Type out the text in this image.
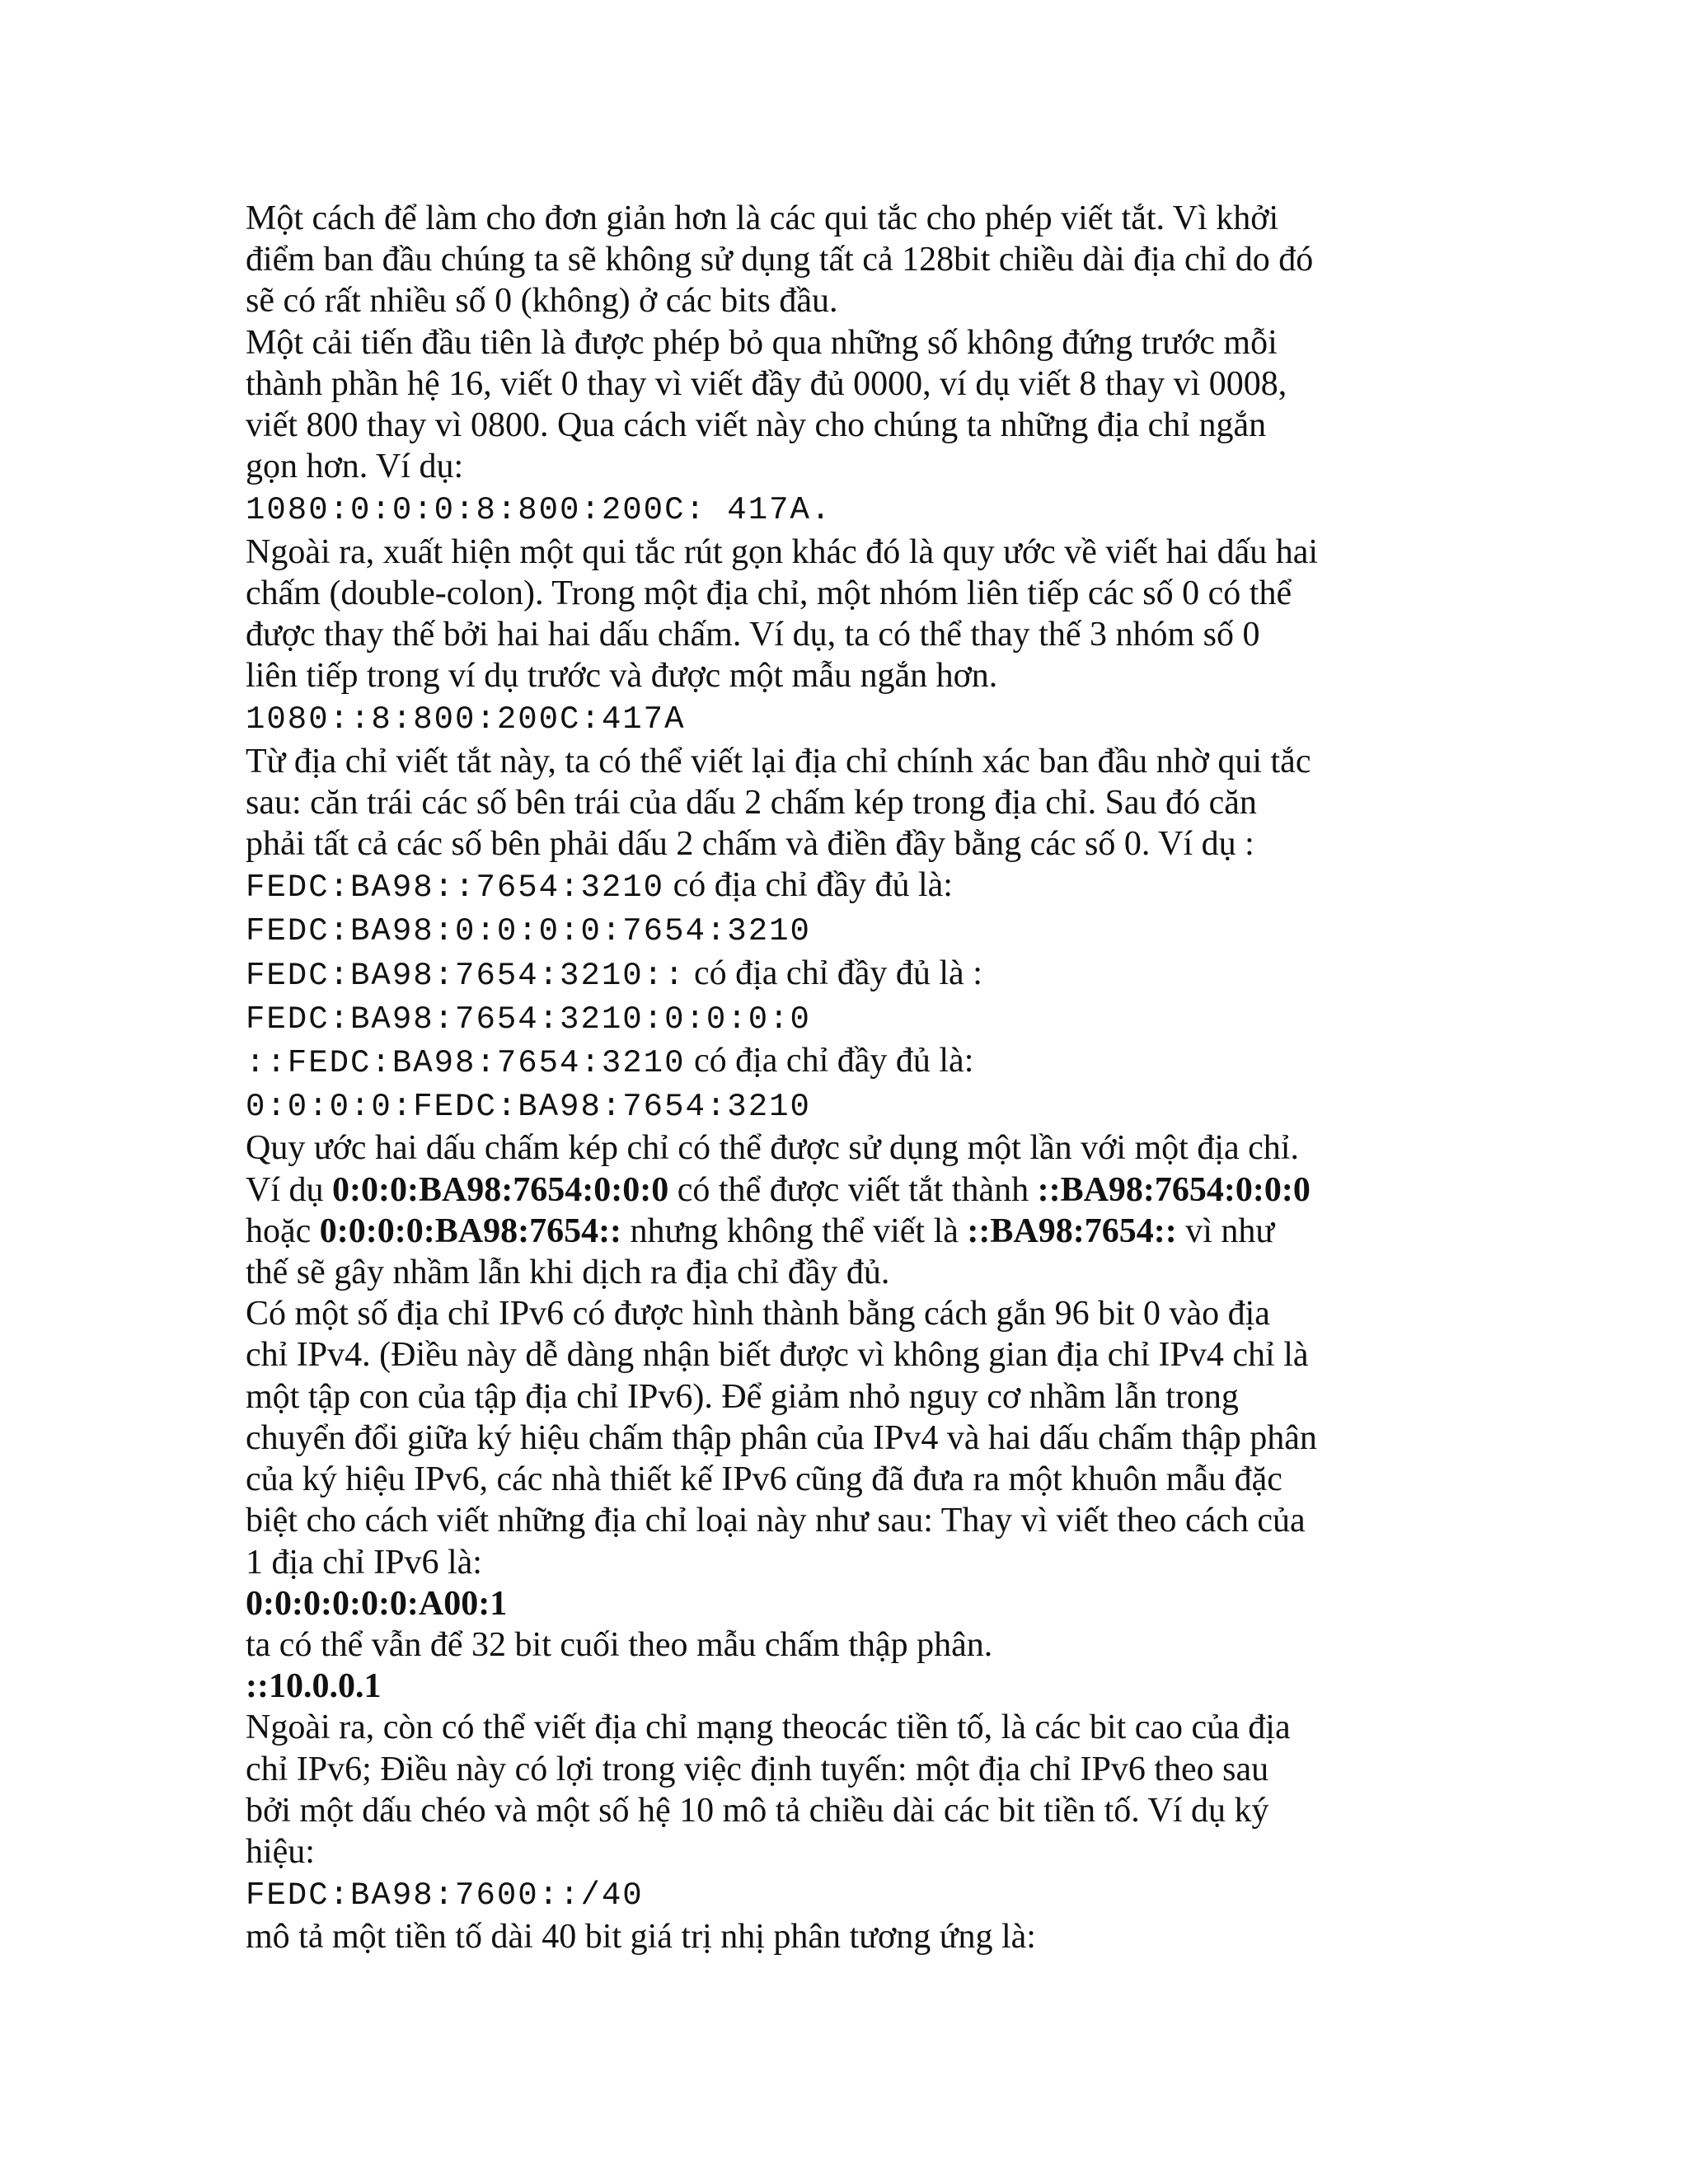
Một cách để làm cho đơn giản hơn là các qui tắc cho phép viết tắt. Vì khởi

điểm ban đầu chúng ta sẽ không sử dụng tất cả 128bit chiều dài địa chỉ do đó

sẽ có rất nhiều số 0 (không) ở các bits đầu.

Một cải tiến đầu tiên là được phép bỏ qua những số không đứng trước mỗi

thành phần hệ 16, viết 0 thay vì viết đầy đủ 0000, ví dụ viết 8 thay vì 0008,

viết 800 thay vì 0800. Qua cách viết này cho chúng ta những địa chỉ ngắn

gọn hơn. Ví dụ:

1080:0:0:0:8:800:200C: 417A.

Ngoài ra, xuất hiện một qui tắc rút gọn khác đó là quy ước về viết hai dấu hai

chấm (double-colon). Trong một địa chỉ, một nhóm liên tiếp các số 0 có thể

được thay thế bởi hai hai dấu chấm. Ví dụ, ta có thể thay thế 3 nhóm số 0

liên tiếp trong ví dụ trước và được một mẫu ngắn hơn.

1080::8:800:200C:417A

Từ địa chỉ viết tắt này, ta có thể viết lại địa chỉ chính xác ban đầu nhờ qui tắc

sau: căn trái các số bên trái của dấu 2 chấm kép trong địa chỉ. Sau đó căn

phải tất cả các số bên phải dấu 2 chấm và điền đầy bằng các số 0. Ví dụ :

FEDC:BA98::7654:3210 có địa chỉ đầy đủ là:

FEDC:BA98:0:0:0:0:7654:3210

FEDC:BA98:7654:3210:: có địa chỉ đầy đủ là :

FEDC:BA98:7654:3210:0:0:0:0

::FEDC:BA98:7654:3210 có địa chỉ đầy đủ là:

0:0:0:0:FEDC:BA98:7654:3210

Quy ước hai dấu chấm kép chỉ có thể được sử dụng một lần với một địa chỉ.

Ví dụ 0:0:0:BA98:7654:0:0:0 có thể được viết tắt thành ::BA98:7654:0:0:0

hoặc 0:0:0:0:BA98:7654:: nhưng không thể viết là ::BA98:7654:: vì như

thế sẽ gây nhầm lẫn khi dịch ra địa chỉ đầy đủ.

Có một số địa chỉ IPv6 có được hình thành bằng cách gắn 96 bit 0 vào địa

chỉ IPv4. (Điều này dễ dàng nhận biết được vì không gian địa chỉ IPv4 chỉ là

một tập con của tập địa chỉ IPv6). Để giảm nhỏ nguy cơ nhầm lẫn trong

chuyển đổi giữa ký hiệu chấm thập phân của IPv4 và hai dấu chấm thập phân

của ký hiệu IPv6, các nhà thiết kế IPv6 cũng đã đưa ra một khuôn mẫu đặc

biệt cho cách viết những địa chỉ loại này như sau: Thay vì viết theo cách của

1 địa chỉ IPv6 là:

0:0:0:0:0:0:A00:1

ta có thể vẫn để 32 bit cuối theo mẫu chấm thập phân.

::10.0.0.1

Ngoài ra, còn có thể viết địa chỉ mạng theocác tiền tố, là các bit cao của địa

chỉ IPv6; Điều này có lợi trong việc định tuyến: một địa chỉ IPv6 theo sau

bởi một dấu chéo và một số hệ 10 mô tả chiều dài các bit tiền tố. Ví dụ ký

hiệu:

FEDC:BA98:7600::/40

mô tả một tiền tố dài 40 bit giá trị nhị phân tương ứng là:
